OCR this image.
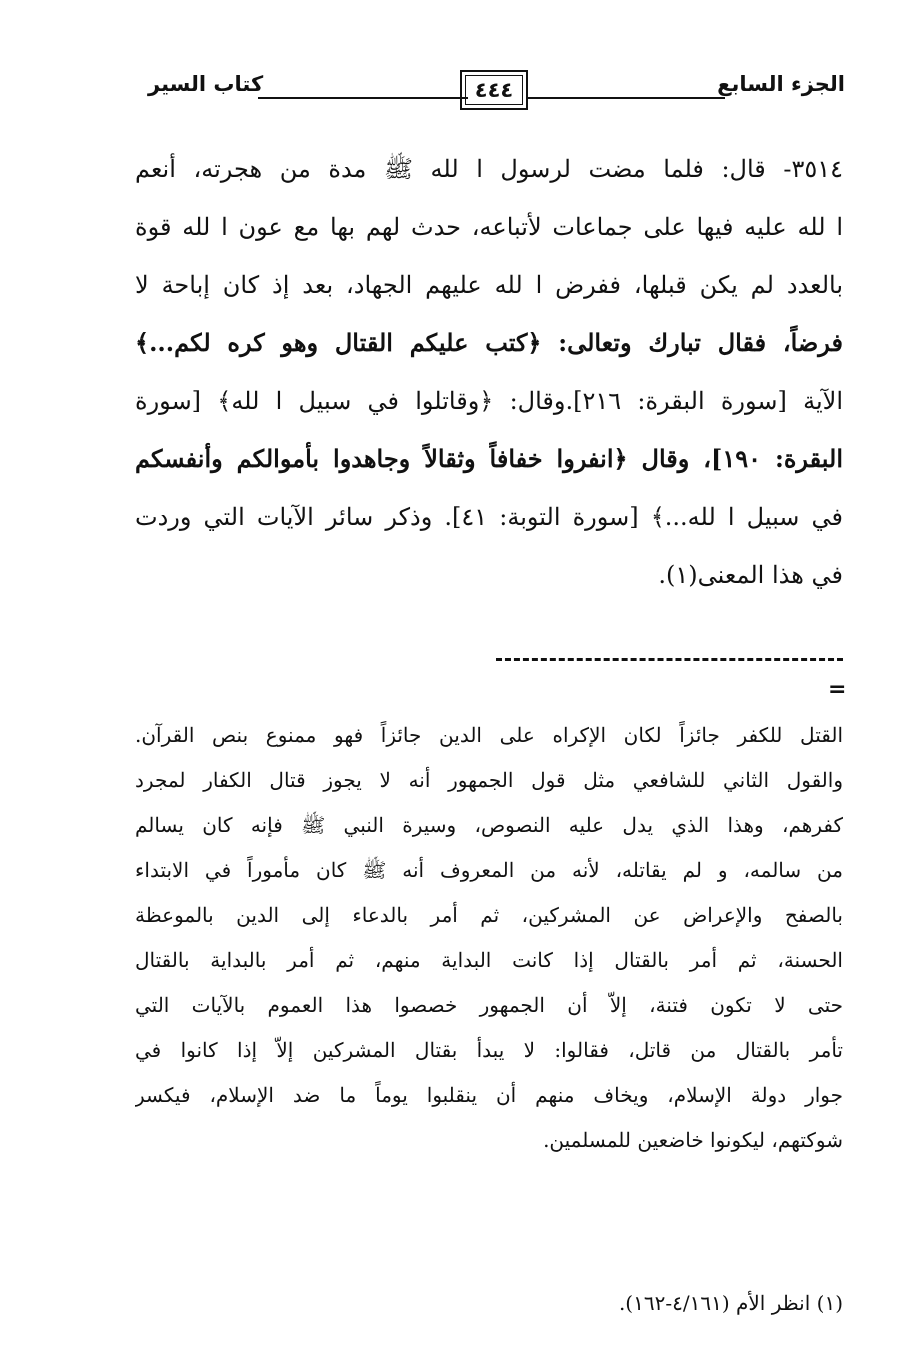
الجزء السابع
٤٤٤
كتاب السير
٣٥١٤- قال: فلما مضت لرسول ا لله ﷺ مدة من هجرته، أنعم
ا لله عليه فيها على جماعات لأتباعه، حدث لهم بها مع عون ا لله قوة
بالعدد لم يكن قبلها، ففرض ا لله عليهم الجهاد، بعد إذ كان إباحة لا
فرضاً، فقال تبارك وتعالى: ﴿كتب عليكم القتال وهو كره لكم...﴾
الآية [سورة البقرة: ٢١٦].وقال: ﴿وقاتلوا في سبيل ا لله﴾ [سورة
البقرة: ١٩٠]، وقال ﴿انفروا خفافاً وثقالاً وجاهدوا بأموالكم وأنفسكم
في سبيل ا لله...﴾ [سورة التوبة: ٤١]. وذكر سائر الآيات التي وردت
في هذا المعنى(١).
=
القتل للكفر جائزاً لكان الإكراه على الدين جائزاً فهو ممنوع بنص القرآن.
والقول الثاني للشافعي مثل قول الجمهور أنه لا يجوز قتال الكفار لمجرد
كفرهم، وهذا الذي يدل عليه النصوص، وسيرة النبي ﷺ فإنه كان يسالم
من سالمه، و لم يقاتله، لأنه من المعروف أنه ﷺ كان مأموراً في الابتداء
بالصفح والإعراض عن المشركين، ثم أمر بالدعاء إلى الدين بالموعظة
الحسنة، ثم أمر بالقتال إذا كانت البداية منهم، ثم أمر بالبداية بالقتال
حتى لا تكون فتنة، إلاّ أن الجمهور خصصوا هذا العموم بالآيات التي
تأمر بالقتال من قاتل، فقالوا: لا يبدأ بقتال المشركين إلاّ إذا كانوا في
جوار دولة الإسلام، ويخاف منهم أن ينقلبوا يوماً ما ضد الإسلام، فيكسر
شوكتهم، ليكونوا خاضعين للمسلمين.
(١) انظر الأم (٤/١٦١-١٦٢).
